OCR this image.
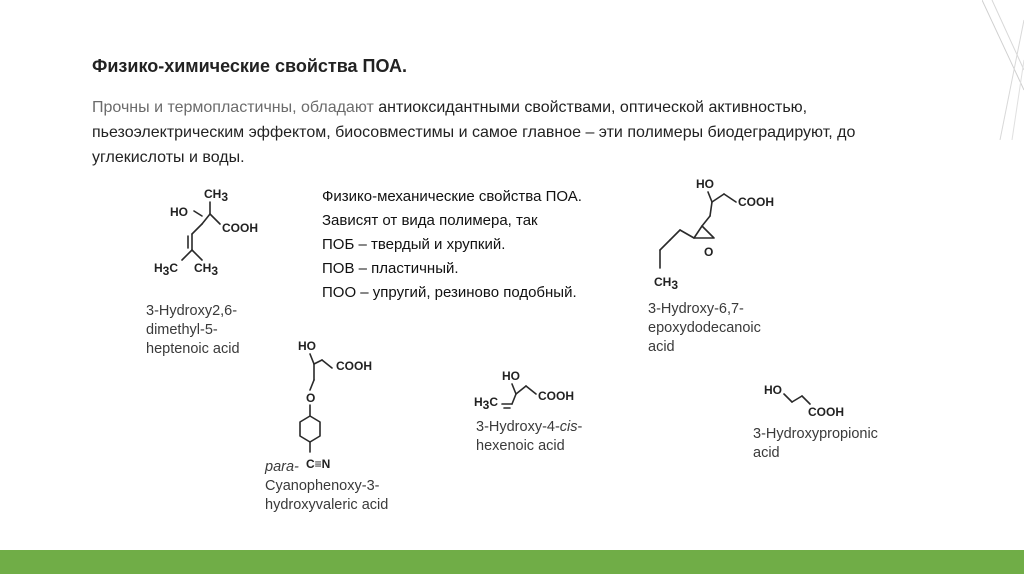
Физико-химические свойства ПОА.
Прочны и термопластичны, обладают антиоксидантными свойствами, оптической активностью, пьезоэлектрическим эффектом, биосовместимы и самое главное – эти полимеры биодеградируют, до углекислоты и воды.
Физико-механические свойства ПОА.
Зависят от вида полимера, так
ПОБ – твердый и хрупкий.
ПОВ – пластичный.
ПОО – упругий, резиново подобный.
CH3
HO
COOH
H3C CH3
3-Hydroxy2,6-
dimethyl-5-
heptenoic acid	HO
COOH
O
C≡N
para-
Cyanophenoxy-3-
hydroxyvaleric acid
HO
COOH
H3C
3-Hydroxy-4-cis-
hexenoic acid
HO
COOH
O
CH3
3-Hydroxy-6,7-
epoxydodecanoic
acid
HO
COOH
3-Hydroxypropionic
acid
